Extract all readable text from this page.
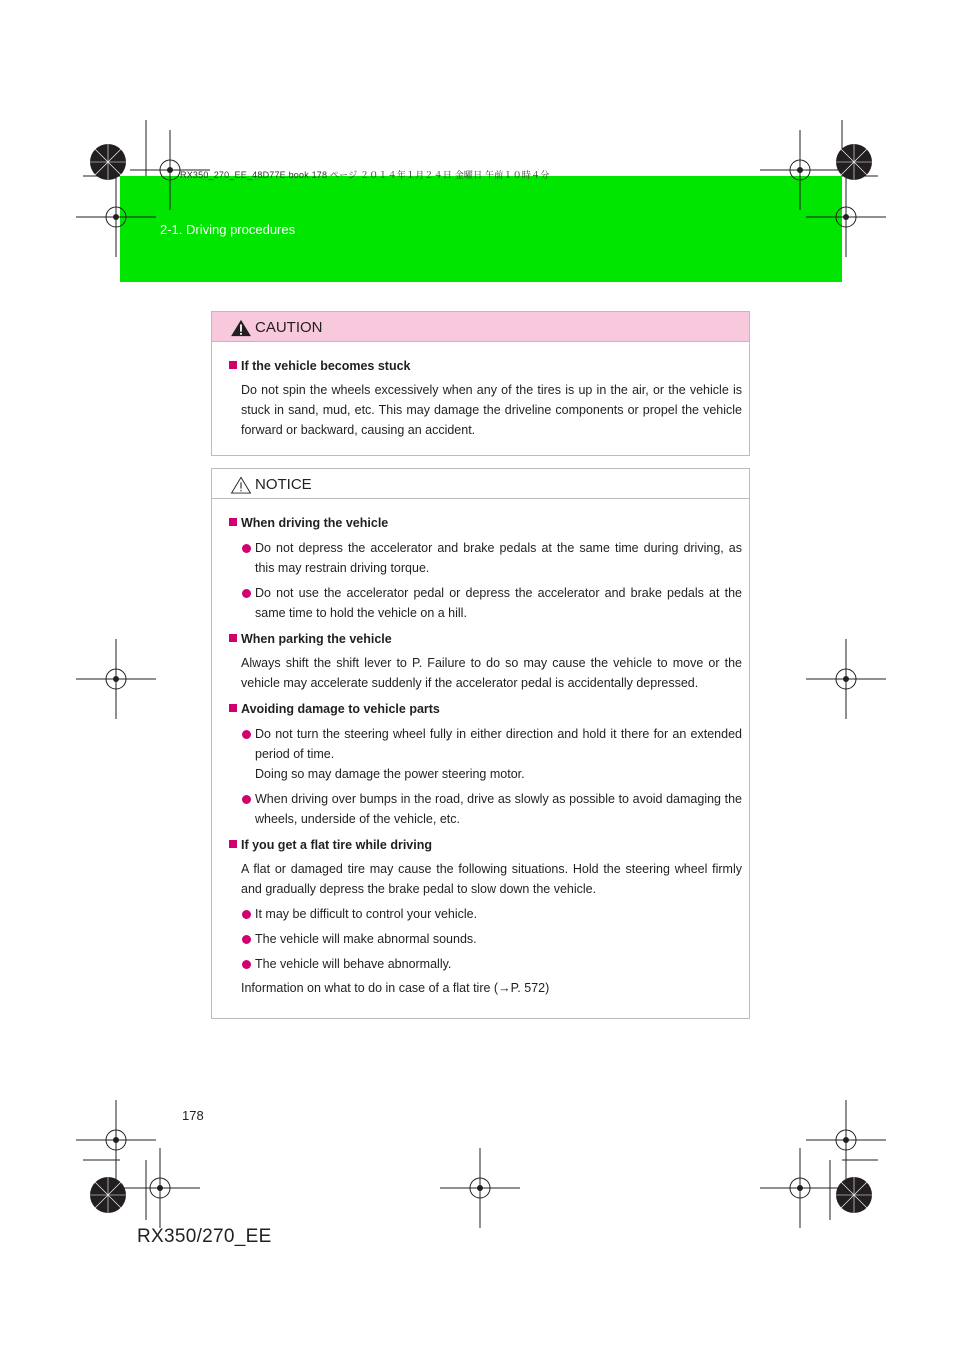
2-1. Driving procedures
RX350_270_EE_48D77E.book 178 ページ ２０１４年１月２４日 金曜日 午前１０時４分
CAUTION
If the vehicle becomes stuck
Do not spin the wheels excessively when any of the tires is up in the air, or the vehicle is stuck in sand, mud, etc. This may damage the driveline components or propel the vehicle forward or backward, causing an accident.
NOTICE
When driving the vehicle
Do not depress the accelerator and brake pedals at the same time during driving, as this may restrain driving torque.
Do not use the accelerator pedal or depress the accelerator and brake pedals at the same time to hold the vehicle on a hill.
When parking the vehicle
Always shift the shift lever to P. Failure to do so may cause the vehicle to move or the vehicle may accelerate suddenly if the accelerator pedal is accidentally depressed.
Avoiding damage to vehicle parts
Do not turn the steering wheel fully in either direction and hold it there for an extended period of time.
Doing so may damage the power steering motor.
When driving over bumps in the road, drive as slowly as possible to avoid damaging the wheels, underside of the vehicle, etc.
If you get a flat tire while driving
A flat or damaged tire may cause the following situations. Hold the steering wheel firmly and gradually depress the brake pedal to slow down the vehicle.
It may be difficult to control your vehicle.
The vehicle will make abnormal sounds.
The vehicle will behave abnormally.
Information on what to do in case of a flat tire (→P. 572)
178
RX350/270_EE
